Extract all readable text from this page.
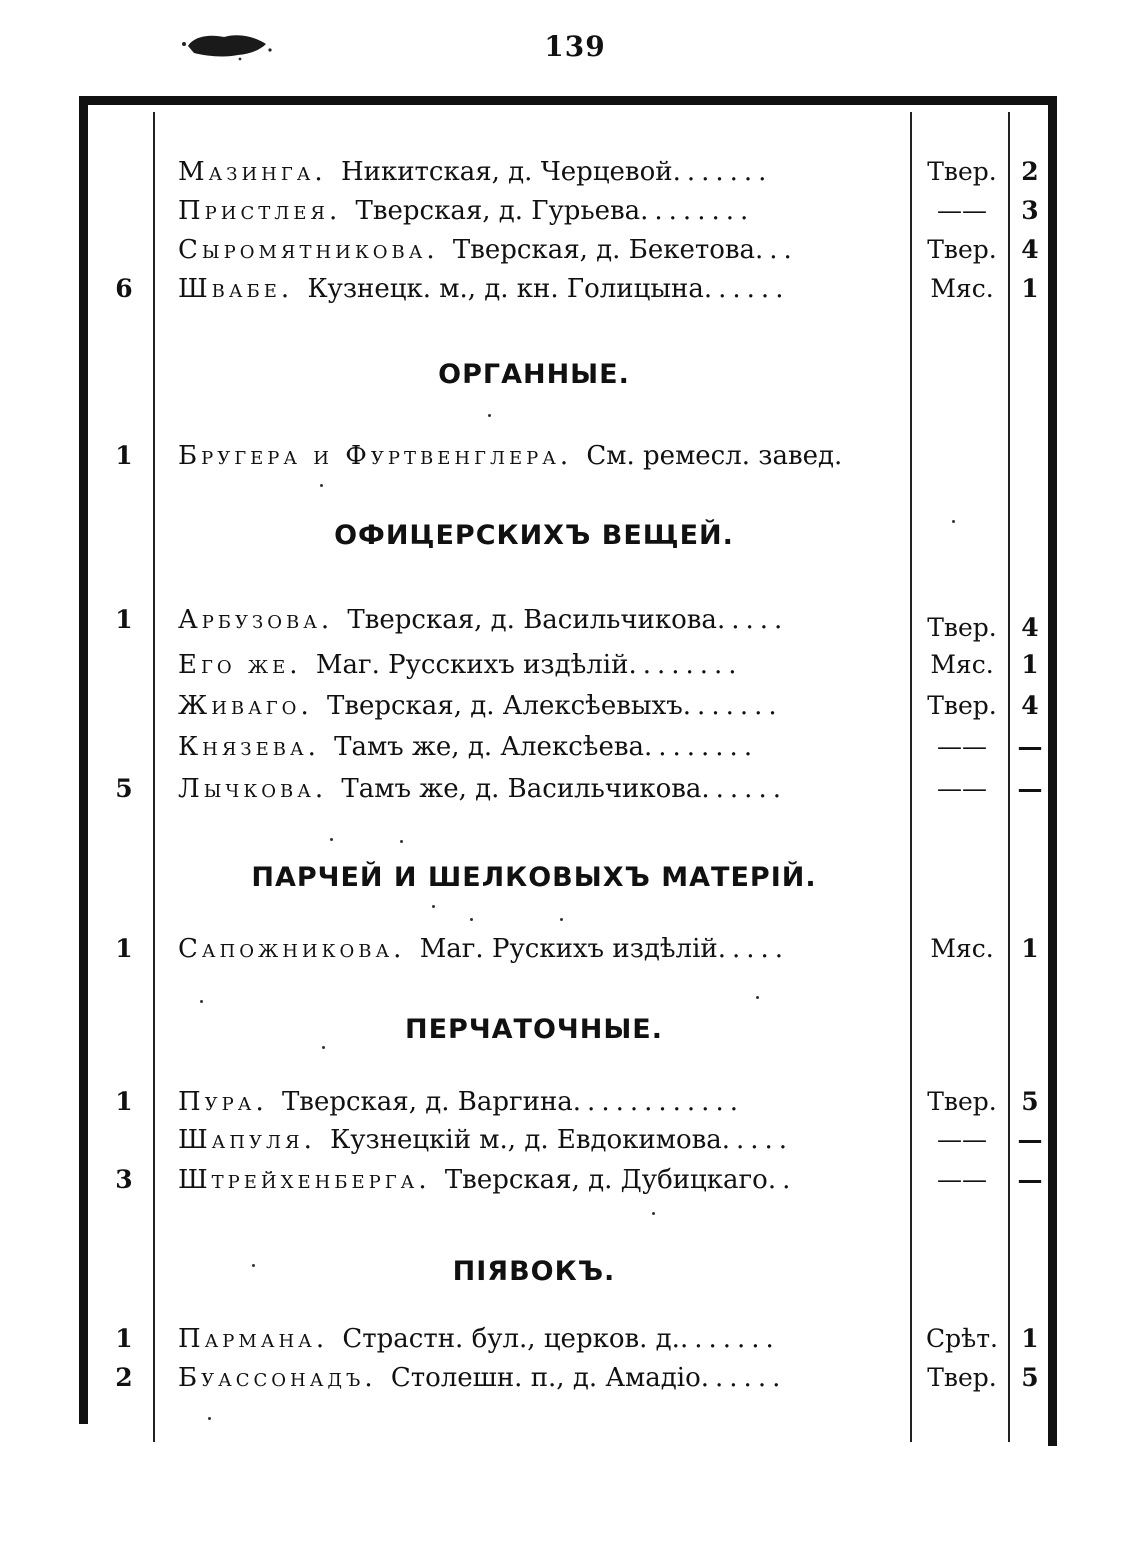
139
Мазинга. Никитская, д. Черцевой.......	Твер. 2
Пристлея. Тверская, д. Гурьева........	——	3
Сыромятникова. Тверская, д. Бекетова...	Твер. 4
6	Швабе. Кузнецк. м., д. кн. Голицына......	Мяс.	1
ОРГАННЫЕ.
1	Бругера и Фуртвенглера. См. ремесл. завед.
ОФИЦЕРСКИХЪ ВЕЩЕЙ.
1	Арбузова. Тверская, д. Васильчикова.....	Твер. 4
Его же. Маг. Русскихъ издѣлій........	Мяс.	1
Живаго. Тверская, д. Алексѣевыхъ.......	Твер. 4
Князева. Тамъ же, д. Алексѣева........	——	—
5	Лычкова. Тамъ же, д. Васильчикова......	——	—
ПАРЧЕЙ И ШЕЛКОВЫХЪ МАТЕРІЙ.
1	Сапожникова. Маг. Рускихъ издѣлій.....	Мяс.	1
ПЕРЧАТОЧНЫЕ.
1	Пура. Тверская, д. Варгина............	Твер. 5
Шапуля. Кузнецкій м., д. Евдокимова.....	——	—
3	Штрейхенберга. Тверская, д. Дубицкаго..	——	—
ПІЯВОКЪ.
1	Пармана. Страстн. бул., церков. д........	Срѣт. 1
2	Буассонадъ. Столешн. п., д. Амадіо......	Твер. 5
